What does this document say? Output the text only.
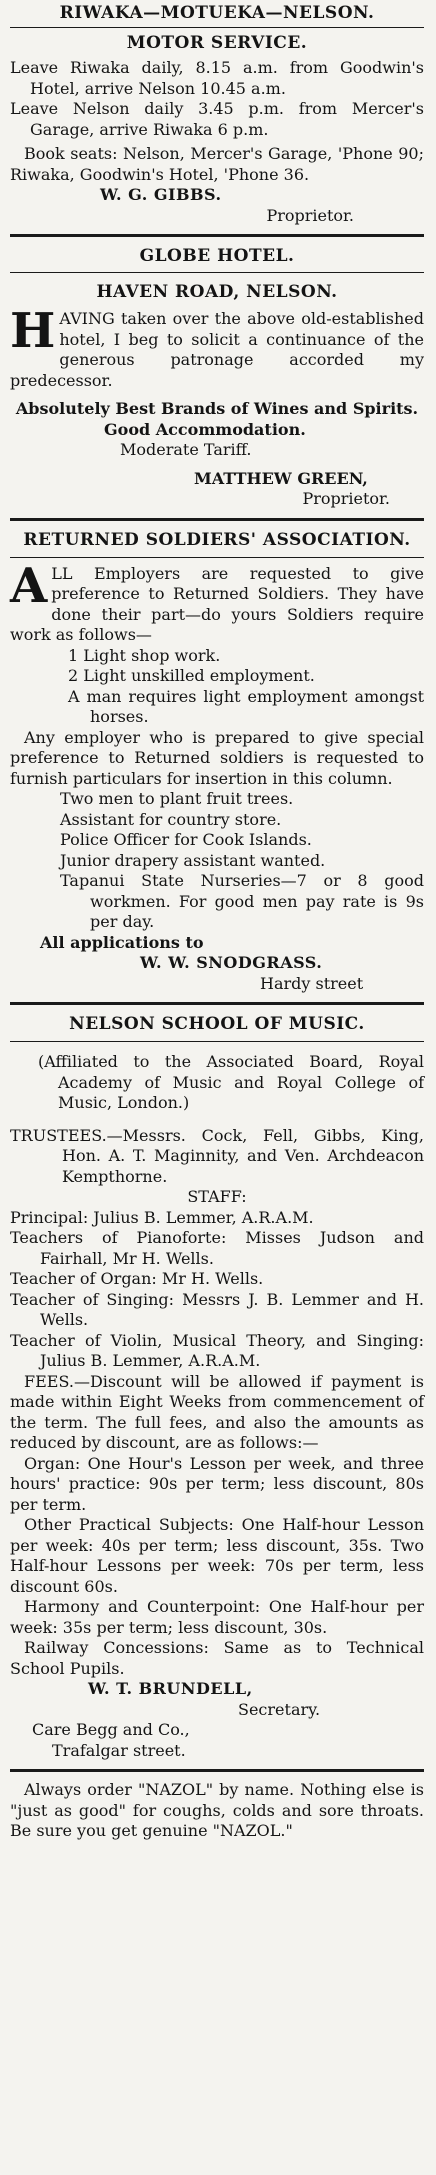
RIWAKA—MOTUEKA—NELSON.

MOTOR SERVICE.

Leave Riwaka daily, 8.15 a.m. from Goodwin's Hotel, arrive Nelson 10.45 a.m.

Leave Nelson daily 3.45 p.m. from Mercer's Garage, arrive Riwaka 6 p.m.

Book seats: Nelson, Mercer's Garage, 'Phone 90; Riwaka, Goodwin's Hotel, 'Phone 36.

W. G. GIBBS.

Proprietor.

GLOBE HOTEL.

HAVEN ROAD, NELSON.

HAVING taken over the above old-established hotel, I beg to solicit a continuance of the generous patronage accorded my predecessor.

Absolutely Best Brands of Wines and Spirits.

Good Accommodation.

Moderate Tariff.

MATTHEW GREEN,

Proprietor.

RETURNED SOLDIERS' ASSOCIATION.

ALL Employers are requested to give preference to Returned Soldiers. They have done their part—do yours Soldiers require work as follows—

1 Light shop work.

2 Light unskilled employment.

A man requires light employment amongst horses.

Any employer who is prepared to give special preference to Returned soldiers is requested to furnish particulars for insertion in this column.

Two men to plant fruit trees.

Assistant for country store.

Police Officer for Cook Islands.

Junior drapery assistant wanted.

Tapanui State Nurseries—7 or 8 good workmen. For good men pay rate is 9s per day.

All applications to

W. W. SNODGRASS.

Hardy street

NELSON SCHOOL OF MUSIC.

(Affiliated to the Associated Board, Royal Academy of Music and Royal College of Music, London.)

TRUSTEES.—Messrs. Cock, Fell, Gibbs, King, Hon. A. T. Maginnity, and Ven. Archdeacon Kempthorne.

STAFF:

Principal: Julius B. Lemmer, A.R.A.M.

Teachers of Pianoforte: Misses Judson and Fairhall, Mr H. Wells.

Teacher of Organ: Mr H. Wells.

Teacher of Singing: Messrs J. B. Lemmer and H. Wells.

Teacher of Violin, Musical Theory, and Singing: Julius B. Lemmer, A.R.A.M.

FEES.—Discount will be allowed if payment is made within Eight Weeks from commencement of the term. The full fees, and also the amounts as reduced by discount, are as follows:—

Organ: One Hour's Lesson per week, and three hours' practice: 90s per term; less discount, 80s per term.

Other Practical Subjects: One Half-hour Lesson per week: 40s per term; less discount, 35s. Two Half-hour Lessons per week: 70s per term, less discount 60s.

Harmony and Counterpoint: One Half-hour per week: 35s per term; less discount, 30s.

Railway Concessions: Same as to Technical School Pupils.

W. T. BRUNDELL,

Secretary.

Care Begg and Co.,

Trafalgar street.

Always order "NAZOL" by name. Nothing else is "just as good" for coughs, colds and sore throats. Be sure you get genuine "NAZOL."
